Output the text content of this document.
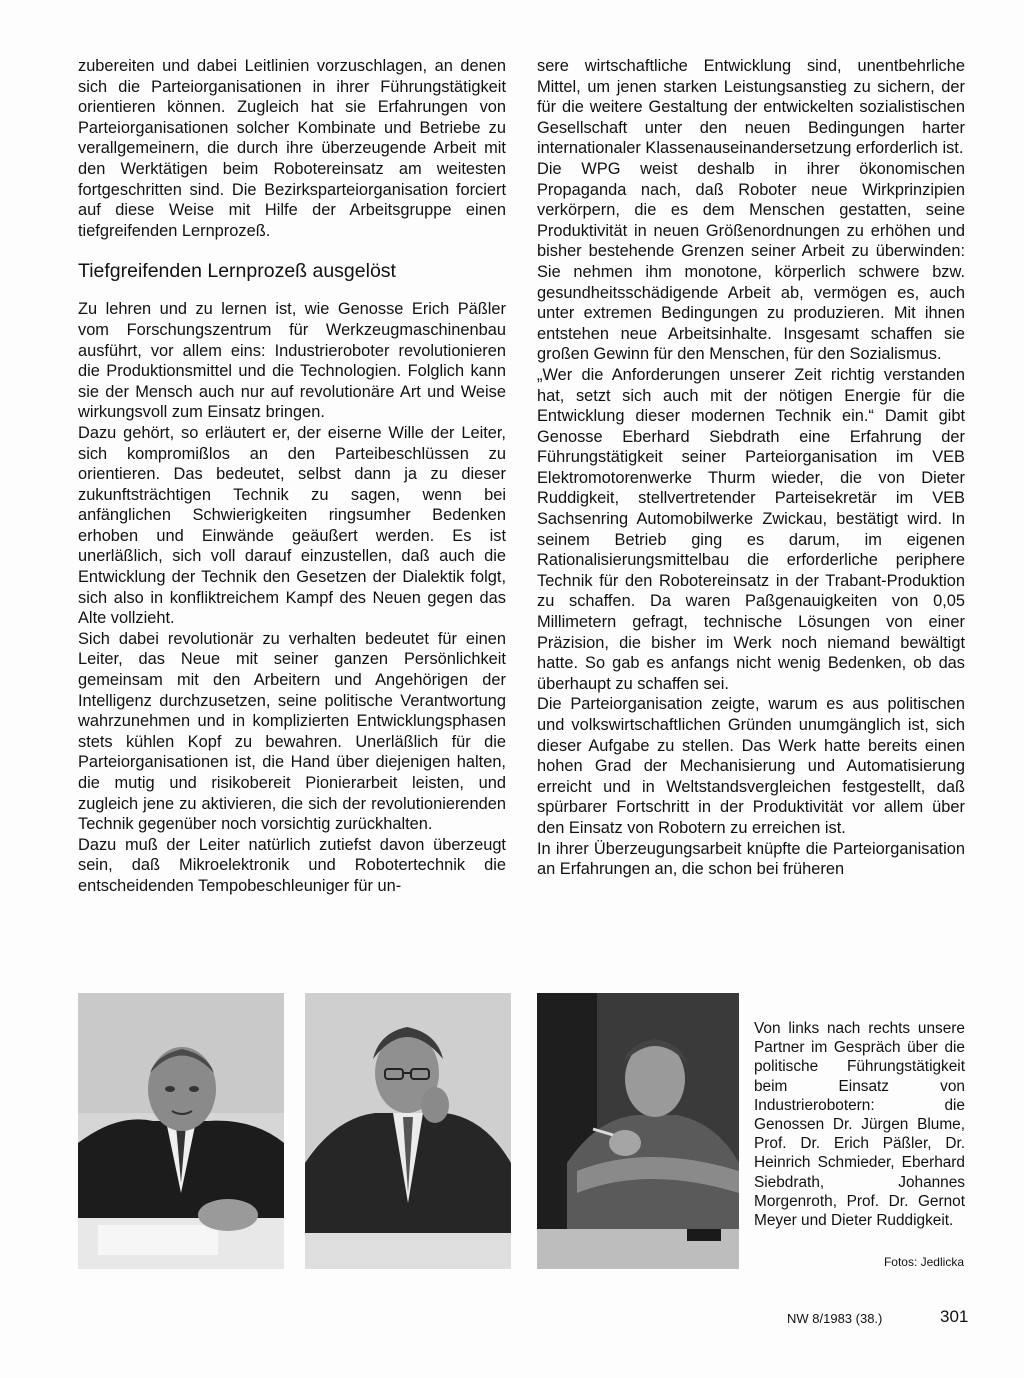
zubereiten und dabei Leitlinien vorzuschlagen, an denen sich die Parteiorganisationen in ihrer Führungstätigkeit orientieren können. Zugleich hat sie Erfahrungen von Parteiorganisationen solcher Kombinate und Betriebe zu verallgemeinern, die durch ihre überzeugende Arbeit mit den Werktätigen beim Robotereinsatz am weitesten fortgeschritten sind. Die Bezirksparteiorganisation forciert auf diese Weise mit Hilfe der Arbeitsgruppe einen tiefgreifenden Lernprozeß.

Tiefgreifenden Lernprozeß ausgelöst

Zu lehren und zu lernen ist, wie Genosse Erich Päßler vom Forschungszentrum für Werkzeugmaschinenbau ausführt, vor allem eins: Industrieroboter revolutionieren die Produktionsmittel und die Technologien. Folglich kann sie der Mensch auch nur auf revolutionäre Art und Weise wirkungsvoll zum Einsatz bringen.

Dazu gehört, so erläutert er, der eiserne Wille der Leiter, sich kompromißlos an den Parteibeschlüssen zu orientieren. Das bedeutet, selbst dann ja zu dieser zukunftsträchtigen Technik zu sagen, wenn bei anfänglichen Schwierigkeiten ringsumher Bedenken erhoben und Einwände geäußert werden. Es ist unerläßlich, sich voll darauf einzustellen, daß auch die Entwicklung der Technik den Gesetzen der Dialektik folgt, sich also in konfliktreichem Kampf des Neuen gegen das Alte vollzieht.

Sich dabei revolutionär zu verhalten bedeutet für einen Leiter, das Neue mit seiner ganzen Persönlichkeit gemeinsam mit den Arbeitern und Angehörigen der Intelligenz durchzusetzen, seine politische Verantwortung wahrzunehmen und in komplizierten Entwicklungsphasen stets kühlen Kopf zu bewahren. Unerläßlich für die Parteiorganisationen ist, die Hand über diejenigen halten, die mutig und risikobereit Pionierarbeit leisten, und zugleich jene zu aktivieren, die sich der revolutionierenden Technik gegenüber noch vorsichtig zurückhalten.

Dazu muß der Leiter natürlich zutiefst davon überzeugt sein, daß Mikroelektronik und Robotertechnik die entscheidenden Tempobeschleuniger für un-

sere wirtschaftliche Entwicklung sind, unentbehrliche Mittel, um jenen starken Leistungsanstieg zu sichern, der für die weitere Gestaltung der entwickelten sozialistischen Gesellschaft unter den neuen Bedingungen harter internationaler Klassenauseinandersetzung erforderlich ist.

Die WPG weist deshalb in ihrer ökonomischen Propaganda nach, daß Roboter neue Wirkprinzipien verkörpern, die es dem Menschen gestatten, seine Produktivität in neuen Größenordnungen zu erhöhen und bisher bestehende Grenzen seiner Arbeit zu überwinden: Sie nehmen ihm monotone, körperlich schwere bzw. gesundheitsschädigende Arbeit ab, vermögen es, auch unter extremen Bedingungen zu produzieren. Mit ihnen entstehen neue Arbeitsinhalte. Insgesamt schaffen sie großen Gewinn für den Menschen, für den Sozialismus.

„Wer die Anforderungen unserer Zeit richtig verstanden hat, setzt sich auch mit der nötigen Energie für die Entwicklung dieser modernen Technik ein.“ Damit gibt Genosse Eberhard Siebdrath eine Erfahrung der Führungstätigkeit seiner Parteiorganisation im VEB Elektromotorenwerke Thurm wieder, die von Dieter Ruddigkeit, stellvertretender Parteisekretär im VEB Sachsenring Automobilwerke Zwickau, bestätigt wird. In seinem Betrieb ging es darum, im eigenen Rationalisierungsmittelbau die erforderliche periphere Technik für den Robotereinsatz in der Trabant-Produktion zu schaffen. Da waren Paßgenauigkeiten von 0,05 Millimetern gefragt, technische Lösungen von einer Präzision, die bisher im Werk noch niemand bewältigt hatte. So gab es anfangs nicht wenig Bedenken, ob das überhaupt zu schaffen sei.

Die Parteiorganisation zeigte, warum es aus politischen und volkswirtschaftlichen Gründen unumgänglich ist, sich dieser Aufgabe zu stellen. Das Werk hatte bereits einen hohen Grad der Mechanisierung und Automatisierung erreicht und in Weltstandsvergleichen festgestellt, daß spürbarer Fortschritt in der Produktivität vor allem über den Einsatz von Robotern zu erreichen ist.

In ihrer Überzeugungsarbeit knüpfte die Parteiorganisation an Erfahrungen an, die schon bei früheren

Von links nach rechts unsere Partner im Gespräch über die politische Führungstätigkeit beim Einsatz von Industrierobotern: die Genossen Dr. Jürgen Blume, Prof. Dr. Erich Päßler, Dr. Heinrich Schmieder, Eberhard Siebdrath, Johannes Morgenroth, Prof. Dr. Gernot Meyer und Dieter Ruddigkeit.
Fotos: Jedlicka
NW 8/1983 (38.)	301
